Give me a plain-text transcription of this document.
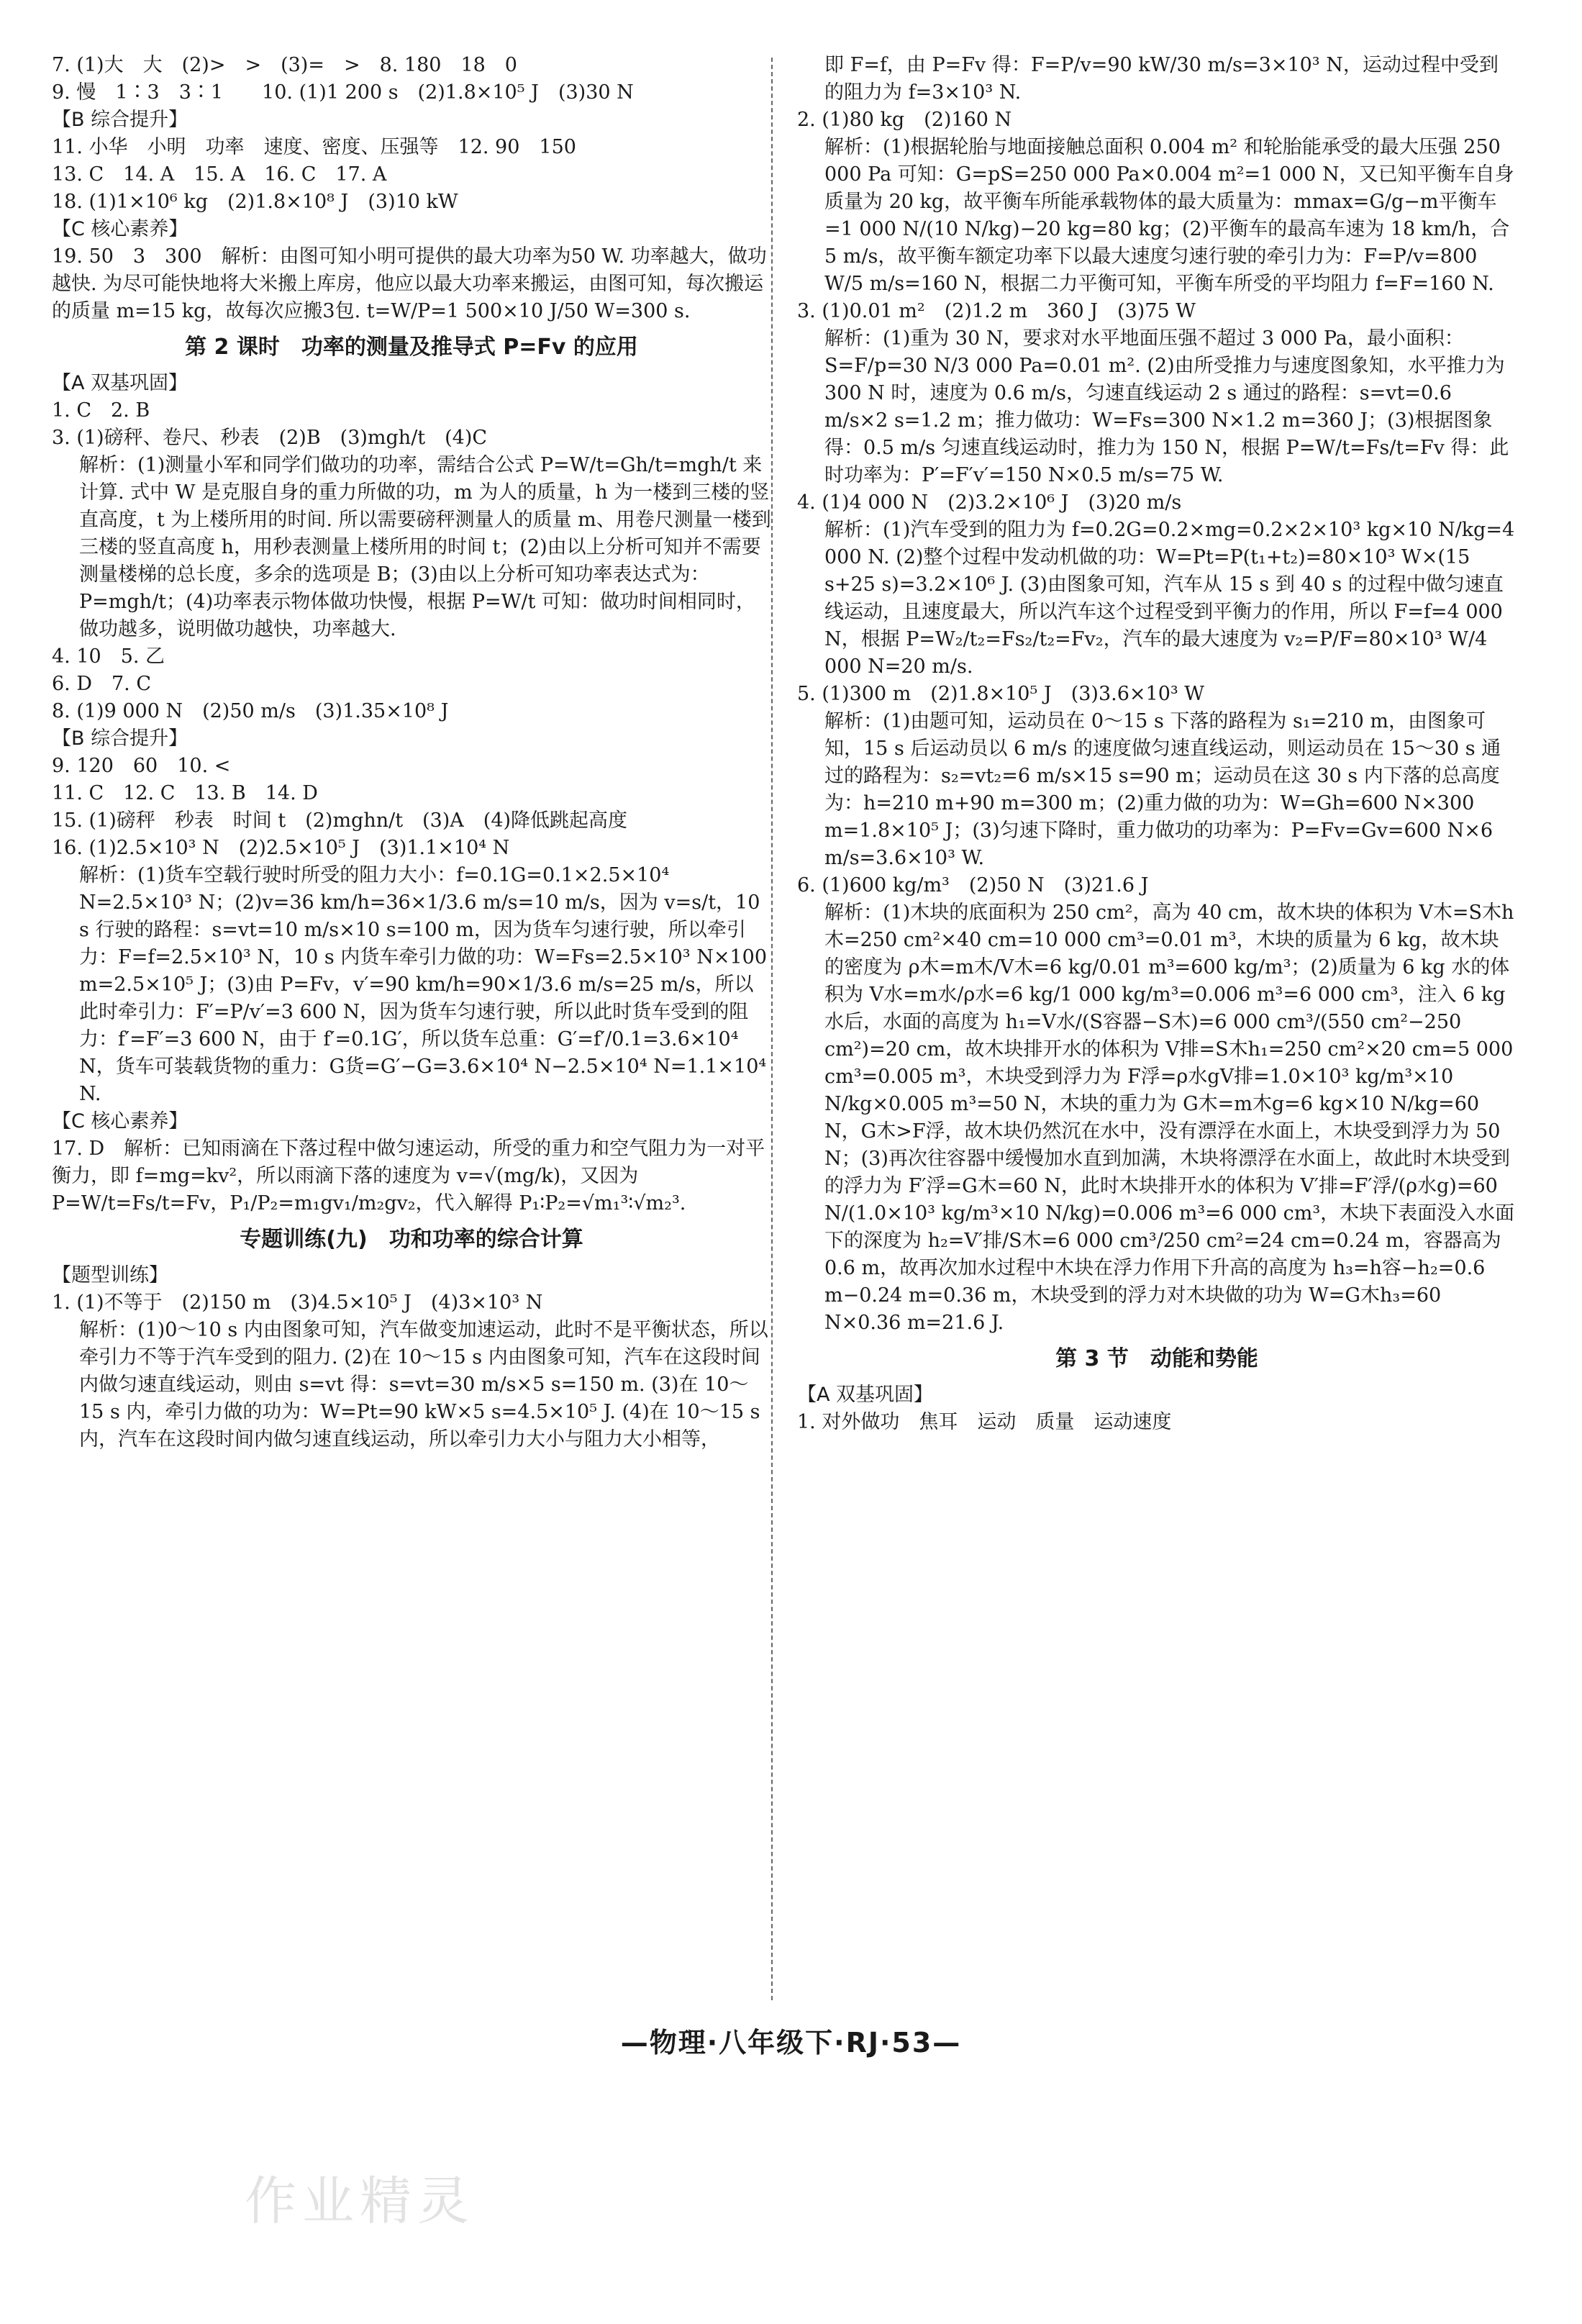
7. (1)大　大　(2)>　>　(3)=　>　8. 180　18　0
9. 慢　1∶3　3∶1　　10. (1)1 200 s　(2)1.8×10⁵ J　(3)30 N
【B 综合提升】
11. 小华　小明　功率　速度、密度、压强等　12. 90　150
13. C　14. A　15. A　16. C　17. A
18. (1)1×10⁶ kg　(2)1.8×10⁸ J　(3)10 kW
【C 核心素养】
19. 50　3　300　解析：由图可知小明可提供的最大功率为50 W. 功率越大，做功越快. 为尽可能快地将大米搬上库房，他应以最大功率来搬运，由图可知，每次搬运的质量 m=15 kg，故每次应搬3包. t=W/P=1 500×10 J/50 W=300 s.
第 2 课时　功率的测量及推导式 P=Fv 的应用
【A 双基巩固】
1. C　2. B
3. (1)磅秤、卷尺、秒表　(2)B　(3)mgh/t　(4)C
解析：(1)测量小军和同学们做功的功率，需结合公式 P=W/t=Gh/t=mgh/t 来计算. 式中 W 是克服自身的重力所做的功，m 为人的质量，h 为一楼到三楼的竖直高度，t 为上楼所用的时间. 所以需要磅秤测量人的质量 m、用卷尺测量一楼到三楼的竖直高度 h，用秒表测量上楼所用的时间 t；(2)由以上分析可知并不需要测量楼梯的总长度，多余的选项是 B；(3)由以上分析可知功率表达式为：P=mgh/t；(4)功率表示物体做功快慢，根据 P=W/t 可知：做功时间相同时，做功越多，说明做功越快，功率越大.
4. 10　5. 乙
6. D　7. C
8. (1)9 000 N　(2)50 m/s　(3)1.35×10⁸ J
【B 综合提升】
9. 120　60　10. <
11. C　12. C　13. B　14. D
15. (1)磅秤　秒表　时间 t　(2)mghn/t　(3)A　(4)降低跳起高度
16. (1)2.5×10³ N　(2)2.5×10⁵ J　(3)1.1×10⁴ N
解析：(1)货车空载行驶时所受的阻力大小：f=0.1G=0.1×2.5×10⁴ N=2.5×10³ N；(2)v=36 km/h=36×1/3.6 m/s=10 m/s，因为 v=s/t，10 s 行驶的路程：s=vt=10 m/s×10 s=100 m，因为货车匀速行驶，所以牵引力：F=f=2.5×10³ N，10 s 内货车牵引力做的功：W=Fs=2.5×10³ N×100 m=2.5×10⁵ J；(3)由 P=Fv，v′=90 km/h=90×1/3.6 m/s=25 m/s，所以此时牵引力：F′=P/v′=3 600 N，因为货车匀速行驶，所以此时货车受到的阻力：f′=F′=3 600 N，由于 f′=0.1G′，所以货车总重：G′=f′/0.1=3.6×10⁴ N，货车可装载货物的重力：G货=G′−G=3.6×10⁴ N−2.5×10⁴ N=1.1×10⁴ N.
【C 核心素养】
17. D　解析：已知雨滴在下落过程中做匀速运动，所受的重力和空气阻力为一对平衡力，即 f=mg=kv²，所以雨滴下落的速度为 v=√(mg/k)，又因为 P=W/t=Fs/t=Fv，P₁/P₂=m₁gv₁/m₂gv₂，代入解得 P₁∶P₂=√m₁³∶√m₂³.
专题训练(九)　功和功率的综合计算
【题型训练】
1. (1)不等于　(2)150 m　(3)4.5×10⁵ J　(4)3×10³ N
解析：(1)0～10 s 内由图象可知，汽车做变加速运动，此时不是平衡状态，所以牵引力不等于汽车受到的阻力. (2)在 10～15 s 内由图象可知，汽车在这段时间内做匀速直线运动，则由 s=vt 得：s=vt=30 m/s×5 s=150 m. (3)在 10～15 s 内，牵引力做的功为：W=Pt=90 kW×5 s=4.5×10⁵ J. (4)在 10～15 s 内，汽车在这段时间内做匀速直线运动，所以牵引力大小与阻力大小相等，
即 F=f，由 P=Fv 得：F=P/v=90 kW/30 m/s=3×10³ N，运动过程中受到的阻力为 f=3×10³ N.
2. (1)80 kg　(2)160 N
解析：(1)根据轮胎与地面接触总面积 0.004 m² 和轮胎能承受的最大压强 250 000 Pa 可知：G=pS=250 000 Pa×0.004 m²=1 000 N，又已知平衡车自身质量为 20 kg，故平衡车所能承载物体的最大质量为：mmax=G/g−m平衡车=1 000 N/(10 N/kg)−20 kg=80 kg；(2)平衡车的最高车速为 18 km/h，合 5 m/s，故平衡车额定功率下以最大速度匀速行驶的牵引力为：F=P/v=800 W/5 m/s=160 N，根据二力平衡可知，平衡车所受的平均阻力 f=F=160 N.
3. (1)0.01 m²　(2)1.2 m　360 J　(3)75 W
解析：(1)重为 30 N，要求对水平地面压强不超过 3 000 Pa，最小面积：S=F/p=30 N/3 000 Pa=0.01 m². (2)由所受推力与速度图象知，水平推力为 300 N 时，速度为 0.6 m/s，匀速直线运动 2 s 通过的路程：s=vt=0.6 m/s×2 s=1.2 m；推力做功：W=Fs=300 N×1.2 m=360 J；(3)根据图象得：0.5 m/s 匀速直线运动时，推力为 150 N，根据 P=W/t=Fs/t=Fv 得：此时功率为：P′=F′v′=150 N×0.5 m/s=75 W.
4. (1)4 000 N　(2)3.2×10⁶ J　(3)20 m/s
解析：(1)汽车受到的阻力为 f=0.2G=0.2×mg=0.2×2×10³ kg×10 N/kg=4 000 N. (2)整个过程中发动机做的功：W=Pt=P(t₁+t₂)=80×10³ W×(15 s+25 s)=3.2×10⁶ J. (3)由图象可知，汽车从 15 s 到 40 s 的过程中做匀速直线运动，且速度最大，所以汽车这个过程受到平衡力的作用，所以 F=f=4 000 N，根据 P=W₂/t₂=Fs₂/t₂=Fv₂，汽车的最大速度为 v₂=P/F=80×10³ W/4 000 N=20 m/s.
5. (1)300 m　(2)1.8×10⁵ J　(3)3.6×10³ W
解析：(1)由题可知，运动员在 0～15 s 下落的路程为 s₁=210 m，由图象可知，15 s 后运动员以 6 m/s 的速度做匀速直线运动，则运动员在 15～30 s 通过的路程为：s₂=vt₂=6 m/s×15 s=90 m；运动员在这 30 s 内下落的总高度为：h=210 m+90 m=300 m；(2)重力做的功为：W=Gh=600 N×300 m=1.8×10⁵ J；(3)匀速下降时，重力做功的功率为：P=Fv=Gv=600 N×6 m/s=3.6×10³ W.
6. (1)600 kg/m³　(2)50 N　(3)21.6 J
解析：(1)木块的底面积为 250 cm²，高为 40 cm，故木块的体积为 V木=S木h木=250 cm²×40 cm=10 000 cm³=0.01 m³，木块的质量为 6 kg，故木块的密度为 ρ木=m木/V木=6 kg/0.01 m³=600 kg/m³；(2)质量为 6 kg 水的体积为 V水=m水/ρ水=6 kg/1 000 kg/m³=0.006 m³=6 000 cm³，注入 6 kg 水后，水面的高度为 h₁=V水/(S容器−S木)=6 000 cm³/(550 cm²−250 cm²)=20 cm，故木块排开水的体积为 V排=S木h₁=250 cm²×20 cm=5 000 cm³=0.005 m³，木块受到浮力为 F浮=ρ水gV排=1.0×10³ kg/m³×10 N/kg×0.005 m³=50 N，木块的重力为 G木=m木g=6 kg×10 N/kg=60 N，G木>F浮，故木块仍然沉在水中，没有漂浮在水面上，木块受到浮力为 50 N；(3)再次往容器中缓慢加水直到加满，木块将漂浮在水面上，故此时木块受到的浮力为 F′浮=G木=60 N，此时木块排开水的体积为 V′排=F′浮/(ρ水g)=60 N/(1.0×10³ kg/m³×10 N/kg)=0.006 m³=6 000 cm³，木块下表面没入水面下的深度为 h₂=V′排/S木=6 000 cm³/250 cm²=24 cm=0.24 m，容器高为 0.6 m，故再次加水过程中木块在浮力作用下升高的高度为 h₃=h容−h₂=0.6 m−0.24 m=0.36 m，木块受到的浮力对木块做的功为 W=G木h₃=60 N×0.36 m=21.6 J.
第 3 节　动能和势能
【A 双基巩固】
1. 对外做功　焦耳　运动　质量　运动速度
—物理·八年级下·RJ·53—
作业精灵
